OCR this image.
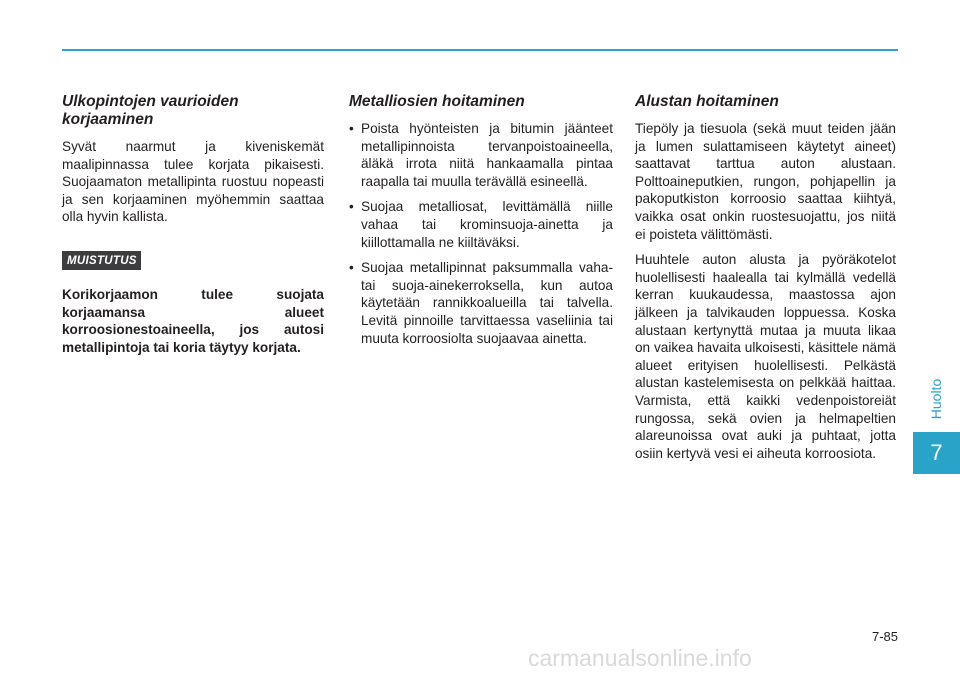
Ulkopintojen vaurioiden korjaaminen

Syvät naarmut ja kiveniskemät maalipinnassa tulee korjata pikaisesti. Suojaamaton metallipinta ruostuu nopeasti ja sen korjaaminen myöhemmin saattaa olla hyvin kallista.

MUISTUTUS

Korikorjaamon tulee suojata korjaamansa alueet korroosionestoaineella, jos autosi metallipintoja tai koria täytyy korjata.

Metalliosien hoitaminen
• Poista hyönteisten ja bitumin jäänteet metallipinnoista tervanpoistoaineella, äläkä irrota niitä hankaamalla pintaa raapalla tai muulla terävällä esineellä.
• Suojaa metalliosat, levittämällä niille vahaa tai krominsuoja-ainetta ja kiillottamalla ne kiiltäväksi.
• Suojaa metallipinnat paksummalla vaha- tai suoja-ainekerroksella, kun autoa käytetään rannikkoalueilla tai talvella. Levitä pinnoille tarvittaessa vaseliinia tai muuta korroosiolta suojaavaa ainetta.
Alustan hoitaminen

Tiepöly ja tiesuola (sekä muut teiden jään ja lumen sulattamiseen käytetyt aineet) saattavat tarttua auton alustaan. Polttoaineputkien, rungon, pohjapellin ja pakoputkiston korroosio saattaa kiihtyä, vaikka osat onkin ruostesuojattu, jos niitä ei poisteta välittömästi.

Huuhtele auton alusta ja pyöräkotelot huolellisesti haalealla tai kylmällä vedellä kerran kuukaudessa, maastossa ajon jälkeen ja talvikauden loppuessa. Koska alustaan kertynyttä mutaa ja muuta likaa on vaikea havaita ulkoisesti, käsittele nämä alueet erityisen huolellisesti. Pelkästä alustan kastelemisesta on pelkkää haittaa. Varmista, että kaikki vedenpoistoreiät rungossa, sekä ovien ja helmapeltien alareunoissa ovat auki ja puhtaat, jotta osiin kertyvä vesi ei aiheuta korroosiota.

Huolto
7
7-85
carmanualsonline.info
